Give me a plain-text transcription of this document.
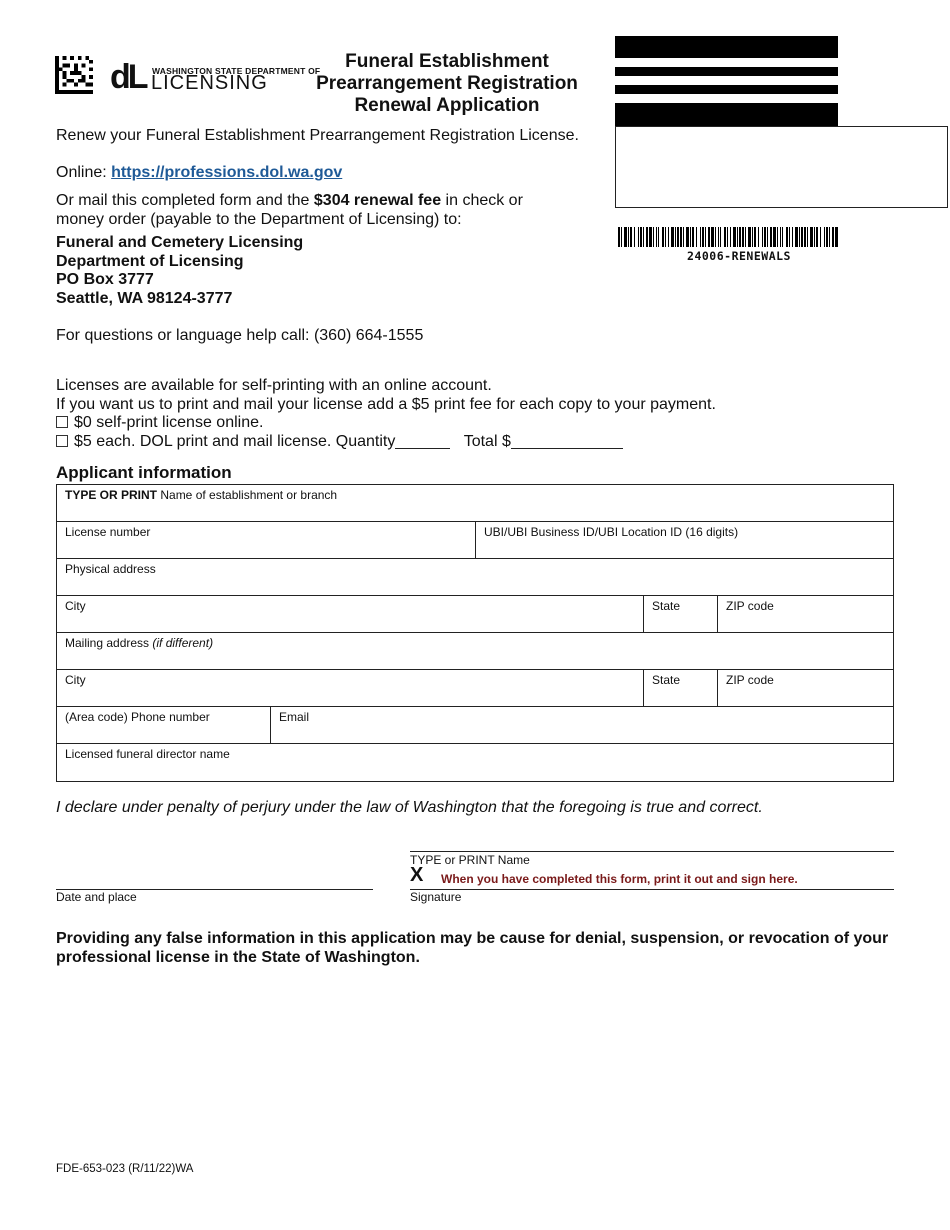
dL WASHINGTON STATE DEPARTMENT OF
LICENSING
Funeral Establishment
Prearrangement Registration
Renewal Application
24006-RENEWALS
Renew your Funeral Establishment Prearrangement Registration License.
Online: https://professions.dol.wa.gov
Or mail this completed form and the $304 renewal fee in check or
money order (payable to the Department of Licensing) to:
Funeral and Cemetery Licensing
Department of Licensing
PO Box 3777
Seattle, WA 98124-3777
For questions or language help call: (360) 664-1555
Licenses are available for self-printing with an online account.
If you want us to print and mail your license add a $5 print fee for each copy to your payment.
$0 self-print license online.
$5 each. DOL print and mail license. Quantity	Total $
Applicant information
TYPE OR PRINT Name of establishment or branch
License number	UBI/UBI Business ID/UBI Location ID (16 digits)
Physical address
City	State	ZIP code
Mailing address (if different)
City	State	ZIP code
(Area code) Phone number	Email
Licensed funeral director name
I declare under penalty of perjury under the law of Washington that the foregoing is true and correct.
TYPE or PRINT Name
X When you have completed this form, print it out and sign here.
Date and place	Signature
Providing any false information in this application may be cause for denial, suspension, or revocation of your professional license in the State of Washington.
FDE-653-023 (R/11/22)WA
